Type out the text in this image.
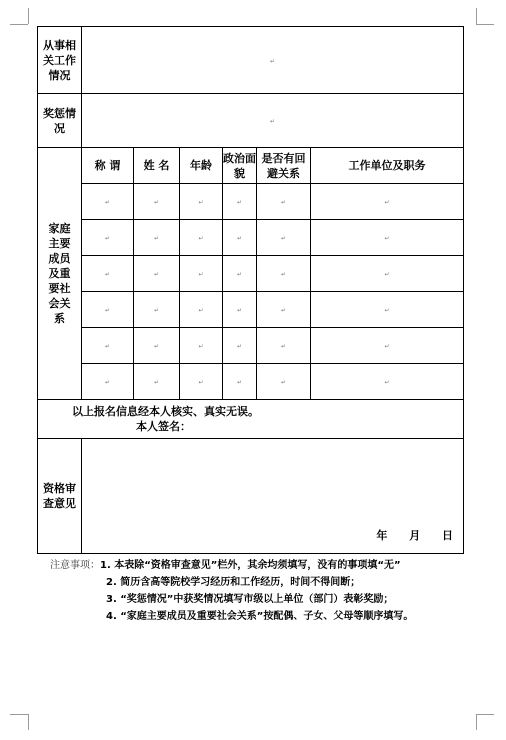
从事相关工作情况	↵					
奖惩情况	↵					
家庭主要成员及重要社会关系	称 谓	姓 名	年龄	政治面貌	是否有回避关系	工作单位及职务
	↵	↵	↵	↵	↵	↵
	↵	↵	↵	↵	↵	↵
	↵	↵	↵	↵	↵	↵
	↵	↵	↵	↵	↵	↵
	↵	↵	↵	↵	↵	↵
	↵	↵	↵	↵	↵	↵

以上报名信息经本人核实、真实无误。
本人签名：						

资格审查意见	年 月 日					
注意事项：1. 本表除“资格审查意见”栏外，其余均须填写，没有的事项填“无”
2. 简历含高等院校学习经历和工作经历，时间不得间断；
3. “奖惩情况”中获奖情况填写市级以上单位（部门）表彰奖励；
4. “家庭主要成员及重要社会关系”按配偶、子女、父母等顺序填写。
